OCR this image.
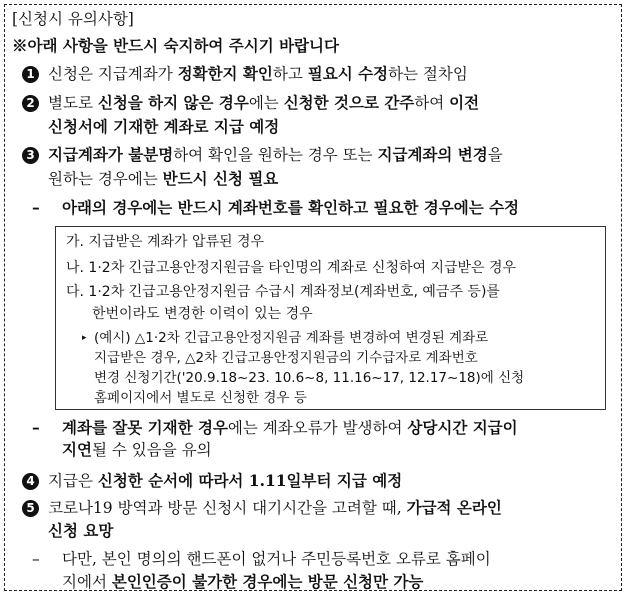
[신청시 유의사항]
※아래 사항을 반드시 숙지하여 주시기 바랍니다
1 신청은 지급계좌가 정확한지 확인하고 필요시 수정하는 절차임
2 별도로 신청을 하지 않은 경우에는 신청한 것으로 간주하여 이전
신청서에 기재한 계좌로 지급 예정
3 지급계좌가 불분명하여 확인을 원하는 경우 또는 지급계좌의 변경을
원하는 경우에는 반드시 신청 필요
– 아래의 경우에는 반드시 계좌번호를 확인하고 필요한 경우에는 수정
가. 지급받은 계좌가 압류된 경우
나. 1·2차 긴급고용안정지원금을 타인명의 계좌로 신청하여 지급받은 경우
다. 1·2차 긴급고용안정지원금 수급시 계좌정보(계좌번호, 예금주 등)를
한번이라도 변경한 이력이 있는 경우
▸ (예시) △1·2차 긴급고용안정지원금 계좌를 변경하여 변경된 계좌로
지급받은 경우, △2차 긴급고용안정지원금의 기수급자로 계좌번호
변경 신청기간('20.9.18~23. 10.6~8, 11.16~17, 12.17~18)에 신청
홈페이지에서 별도로 신청한 경우 등
– 계좌를 잘못 기재한 경우에는 계좌오류가 발생하여 상당시간 지급이
지연될 수 있음을 유의
4 지급은 신청한 순서에 따라서 1.11일부터 지급 예정
5 코로나19 방역과 방문 신청시 대기시간을 고려할 때, 가급적 온라인
신청 요망
– 다만, 본인 명의의 핸드폰이 없거나 주민등록번호 오류로 홈페이
지에서 본인인증이 불가한 경우에는 방문 신청만 가능
